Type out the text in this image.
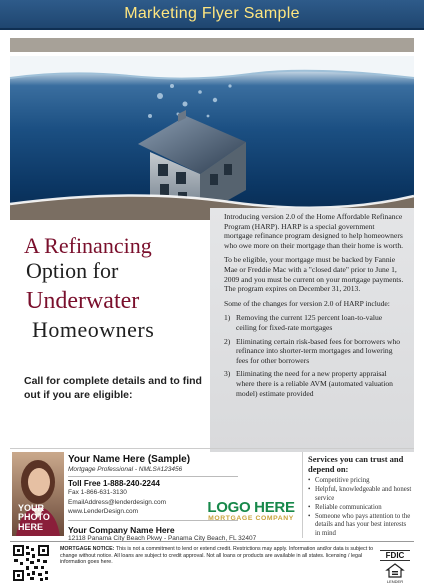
Marketing Flyer Sample

Introducing version 2.0 of the Home Affordable Refinance Program (HARP). HARP is a special government mortgage refinance program designed to help homeowners who owe more on their mortgage than their home is worth.

To be eligible, your mortgage must be backed by Fannie Mae or Freddie Mac with a "closed date" prior to June 1, 2009 and you must be current on your mortgage payments. The program expires on December 31, 2013.

Some of the changes for version 2.0 of HARP include:

1) Removing the current 125 percent loan-to-value ceiling for fixed-rate mortgages
2) Eliminating certain risk-based fees for borrowers who refinance into shorter-term mortgages and lowering fees for other borrowers
3) Eliminating the need for a new property appraisal where there is a reliable AVM (automated valuation model) estimate provided
A Refinancing
Option for
Underwater
Homeowners
Call for complete details and to find out if you are eligible:
YOUR
PHOTO
HERE
Your Name Here (Sample)
Mortgage Professional - NMLS#123456
Toll Free 1-888-240-2244
Fax 1-866-631-3130
EmailAddress@lenderdesign.com
www.LenderDesign.com
Your Company Name Here
12118 Panama City Beach Pkwy - Panama City Beach, FL 32407
LOGO HERE
MORTGAGE COMPANY
Services you can trust and depend on:
• Competitive pricing
• Helpful, knowledgeable and honest service
• Reliable communication
• Someone who pays attention to the details and has your best interests in mind
MORTGAGE NOTICE: This is not a commitment to lend or extend credit. Restrictions may apply. Information and/or data is subject to change without notice. All loans are subject to credit approval. Not all loans or products are available in all states. licensing / legal information goes here.
FDIC
LENDER
